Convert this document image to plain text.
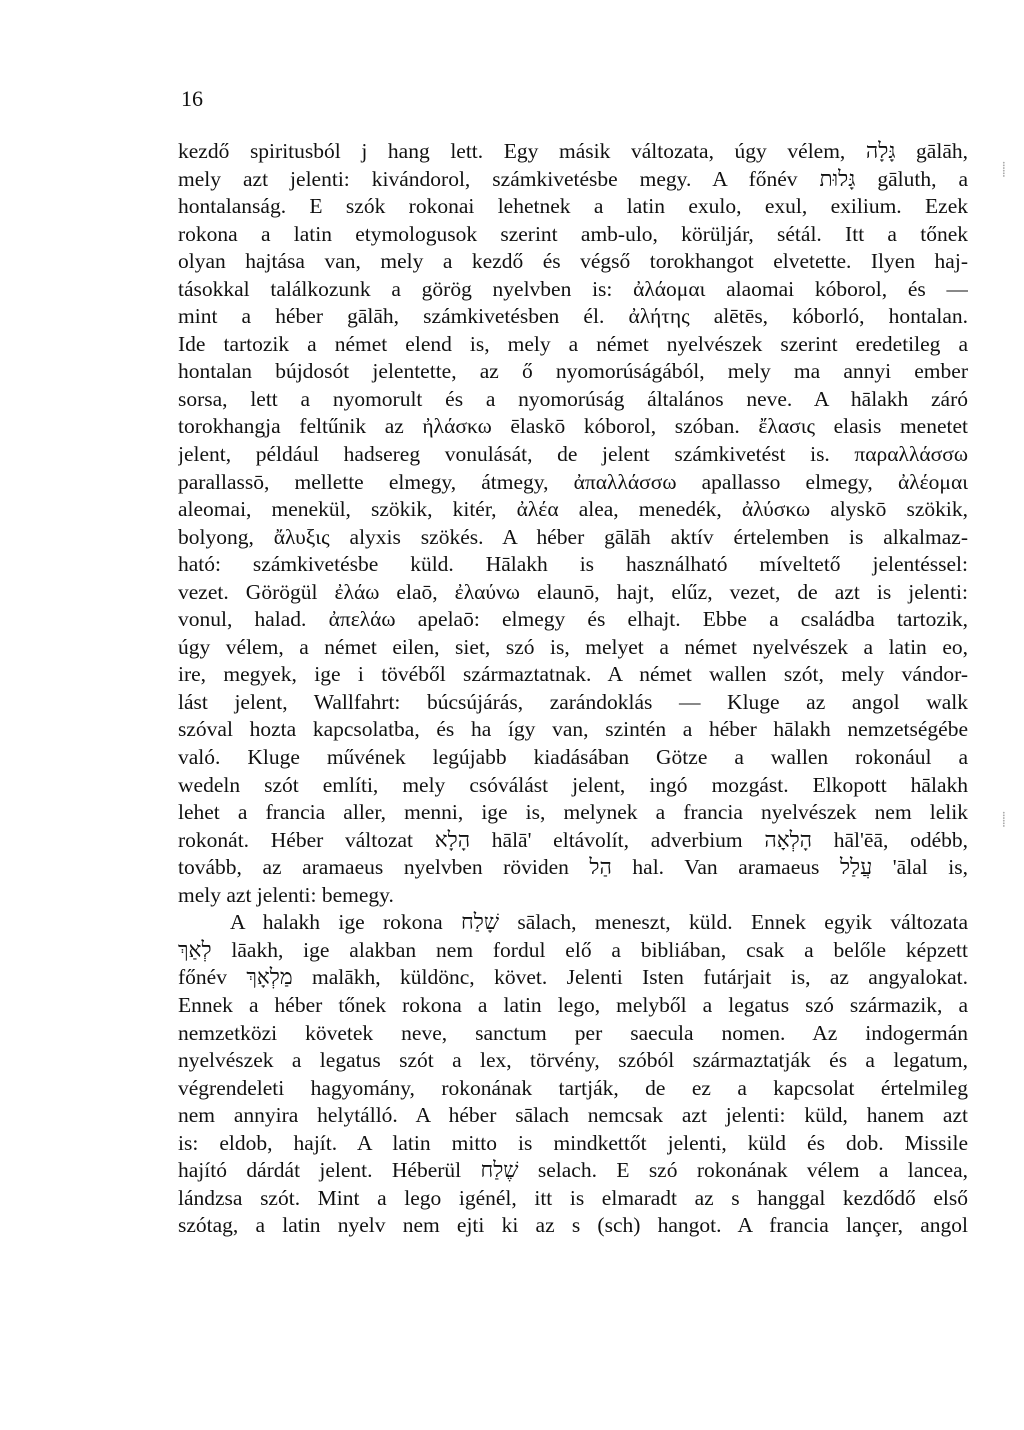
16
kezdő spiritusból j hang lett. Egy másik változata, úgy vélem, גָּלָה gālāh,
mely azt jelenti: kivándorol, számkivetésbe megy. A főnév גָּלוּת gāluth, a
hontalanság. E szók rokonai lehetnek a latin exulo, exul, exilium. Ezek
rokona a latin etymologusok szerint amb-ulo, körüljár, sétál. Itt a tőnek
olyan hajtása van, mely a kezdő és végső torokhangot elvetette. Ilyen haj-
tásokkal találkozunk a görög nyelvben is: ἀλάομαι alaomai kóborol, és —
mint a héber gālāh, számkivetésben él. ἀλήτης alētēs, kóborló, hontalan.
Ide tartozik a német elend is, mely a német nyelvészek szerint eredetileg a
hontalan bújdosót jelentette, az ő nyomorúságából, mely ma annyi ember
sorsa, lett a nyomorult és a nyomorúság általános neve. A hālakh záró
torokhangja feltűnik az ἠλάσκω ēlaskō kóborol, szóban. ἔλασις elasis menetet
jelent, például hadsereg vonulását, de jelent számkivetést is. παραλλάσσω
parallassō, mellette elmegy, átmegy, ἀπαλλάσσω apallasso elmegy, ἀλέομαι
aleomai, menekül, szökik, kitér, ἀλέα alea, menedék, ἀλύσκω alyskō szökik,
bolyong, ἄλυξις alyxis szökés. A héber gālāh aktív értelemben is alkalmaz-
ható: számkivetésbe küld. Hālakh is használható míveltető jelentéssel:
vezet. Görögül ἐλάω elaō, ἐλαύνω elaunō, hajt, elűz, vezet, de azt is jelenti:
vonul, halad. ἀπελάω apelaō: elmegy és elhajt. Ebbe a családba tartozik,
úgy vélem, a német eilen, siet, szó is, melyet a német nyelvészek a latin eo,
ire, megyek, ige i tövéből származtatnak. A német wallen szót, mely vándor-
lást jelent, Wallfahrt: búcsújárás, zarándoklás — Kluge az angol walk
szóval hozta kapcsolatba, és ha így van, szintén a héber hālakh nemzetségébe
való. Kluge művének legújabb kiadásában Götze a wallen rokonául a
wedeln szót említi, mely csóválást jelent, ingó mozgást. Elkopott hālakh
lehet a francia aller, menni, ige is, melynek a francia nyelvészek nem lelik
rokonát. Héber változat הָלָא hālā' eltávolít, adverbium הָלְאָה hāl'ēā, odébb,
tovább, az aramaeus nyelvben röviden הַל hal. Van aramaeus עֲלַל 'ālal is,
mely azt jelenti: bemegy.
A halakh ige rokona שָׁלַח sālach, meneszt, küld. Ennek egyik változata
לְאַךְ lāakh, ige alakban nem fordul elő a bibliában, csak a belőle képzett
főnév מַלְאָךְ malākh, küldönc, követ. Jelenti Isten futárjait is, az angyalokat.
Ennek a héber tőnek rokona a latin lego, melyből a legatus szó származik, a
nemzetközi követek neve, sanctum per saecula nomen. Az indogermán
nyelvészek a legatus szót a lex, törvény, szóból származtatják és a legatum,
végrendeleti hagyomány, rokonának tartják, de ez a kapcsolat értelmileg
nem annyira helytálló. A héber sālach nemcsak azt jelenti: küld, hanem azt
is: eldob, hajít. A latin mitto is mindkettőt jelenti, küld és dob. Missile
hajító dárdát jelent. Héberül שֶׁלַח selach. E szó rokonának vélem a lancea,
lándzsa szót. Mint a lego igénél, itt is elmaradt az s hanggal kezdődő első
szótag, a latin nyelv nem ejti ki az s (sch) hangot. A francia lançer, angol
⸽
⸽
